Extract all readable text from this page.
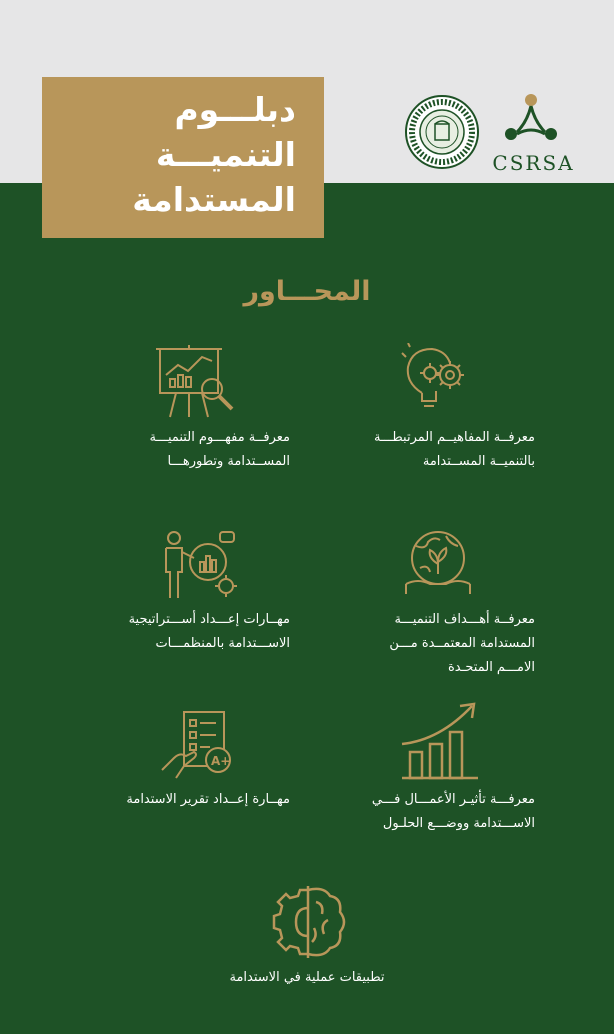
دبلـــوم
التنميـــة
المستدامة
CSRSA
المحـــاور
معرفــة المفاهيــم المرتبطـــة
بالتنميــة المســتدامة
معرفــة مفهـــوم التنميـــة
المســتدامة وتطورهـــا
معرفــة أهـــداف التنميـــة
المستدامة المعتمــدة مـــن
الامـــم المتحـدة
مهــارات إعـــداد أســـتراتيجية
الاســـتدامة بالمنظمـــات
معرفـــة تأثيـر الأعمـــال فـــي
الاســـتدامة ووضـــع الحلـول
A+
مهــارة إعــداد تقرير الاستدامة
تطبيقات عملية في الاستدامة
